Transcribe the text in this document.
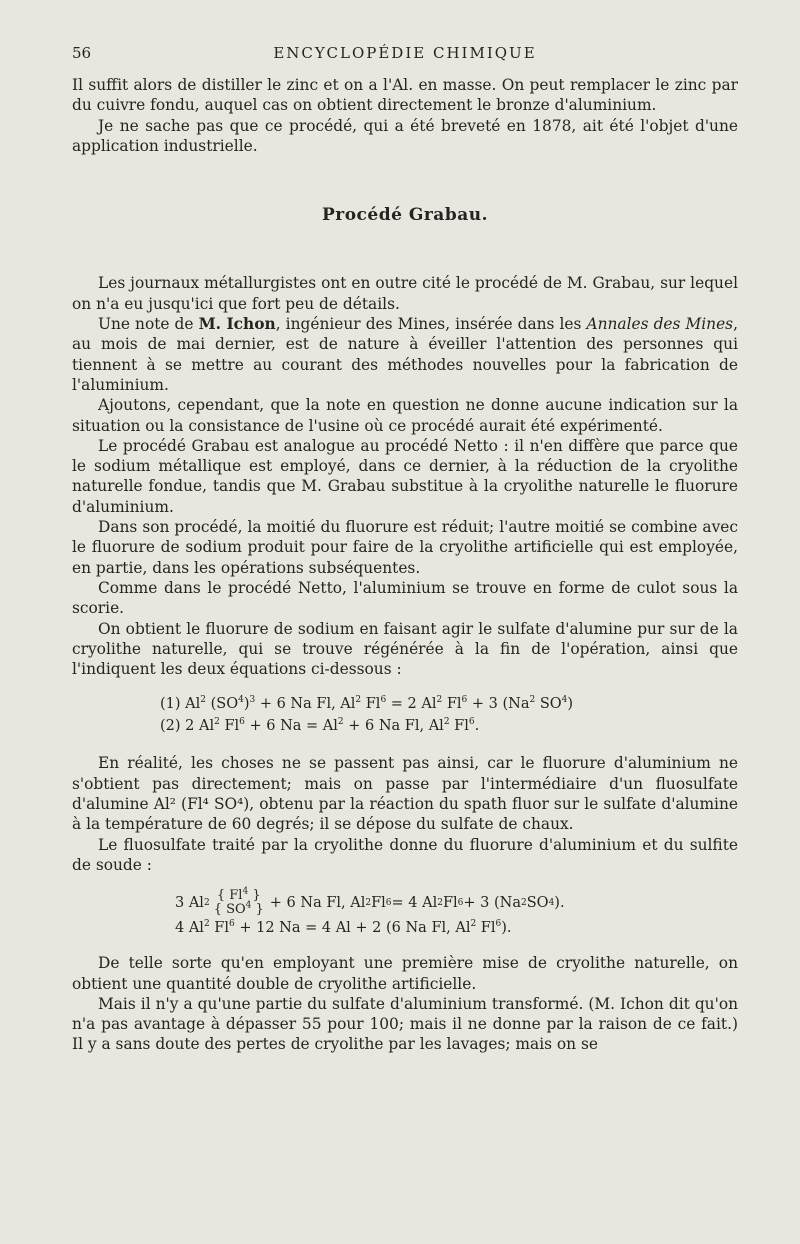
56	ENCYCLOPÉDIE CHIMIQUE

Il suffit alors de distiller le zinc et on a l'Al. en masse. On peut remplacer le zinc par du cuivre fondu, auquel cas on obtient directement le bronze d'aluminium.

Je ne sache pas que ce procédé, qui a été breveté en 1878, ait été l'objet d'une application industrielle.

Procédé Grabau.

Les journaux métallurgistes ont en outre cité le procédé de M. Grabau, sur lequel on n'a eu jusqu'ici que fort peu de détails.

Une note de M. Ichon, ingénieur des Mines, insérée dans les Annales des Mines, au mois de mai dernier, est de nature à éveiller l'attention des personnes qui tiennent à se mettre au courant des méthodes nouvelles pour la fabrication de l'aluminium.

Ajoutons, cependant, que la note en question ne donne aucune indication sur la situation ou la consistance de l'usine où ce procédé aurait été expérimenté.

Le procédé Grabau est analogue au procédé Netto : il n'en diffère que parce que le sodium métallique est employé, dans ce dernier, à la réduction de la cryolithe naturelle fondue, tandis que M. Grabau substitue à la cryolithe naturelle le fluorure d'aluminium.

Dans son procédé, la moitié du fluorure est réduit; l'autre moitié se combine avec le fluorure de sodium produit pour faire de la cryolithe artificielle qui est employée, en partie, dans les opérations subséquentes.

Comme dans le procédé Netto, l'aluminium se trouve en forme de culot sous la scorie.

On obtient le fluorure de sodium en faisant agir le sulfate d'alumine pur sur de la cryolithe naturelle, qui se trouve régénérée à la fin de l'opération, ainsi que l'indiquent les deux équations ci-dessous :

(1) Al$^2$ $(SO^4)^3 + 6$ Na Fl, Al$^2$ $Fl^6 = 2$ Al$^2$ $Fl^6 + 3$ (Na$^2$ $SO^4$)
(2) 2 Al$^2$ $Fl^6 + 6$ $Na = Al^2 + 6$ Na Fl, Al$^2$ Fl$^6$.

En réalité, les choses ne se passent pas ainsi, car le fluorure d'aluminium ne s'obtient pas directement; mais on passe par l'intermédiaire d'un fluosulfate d'alumine Al² (Fl⁴ SO⁴), obtenu par la réaction du spath fluor sur le sulfate d'alumine à la température de 60 degrés; il se dépose du sulfate de chaux.

Le fluosulfate traité par la cryolithe donne du fluorure d'aluminium et du sulfite de soude :

3 Al 2 { Fl$^4$ }
{ $SO^4$ } + 6 Na Fl, Al 2 Fl 6 = 4 Al 2 Fl 6 + 3 (Na 2 SO 4 ).
4 Al$^2$ $Fl^6 + 12$ Na = 4 Al + 2 (6 Na Fl, Al$^2$ Fl$^6$).

De telle sorte qu'en employant une première mise de cryolithe naturelle, on obtient une quantité double de cryolithe artificielle.

Mais il n'y a qu'une partie du sulfate d'aluminium transformé. (M. Ichon dit qu'on n'a pas avantage à dépasser 55 pour 100; mais il ne donne par la raison de ce fait.) Il y a sans doute des pertes de cryolithe par les lavages; mais on se
